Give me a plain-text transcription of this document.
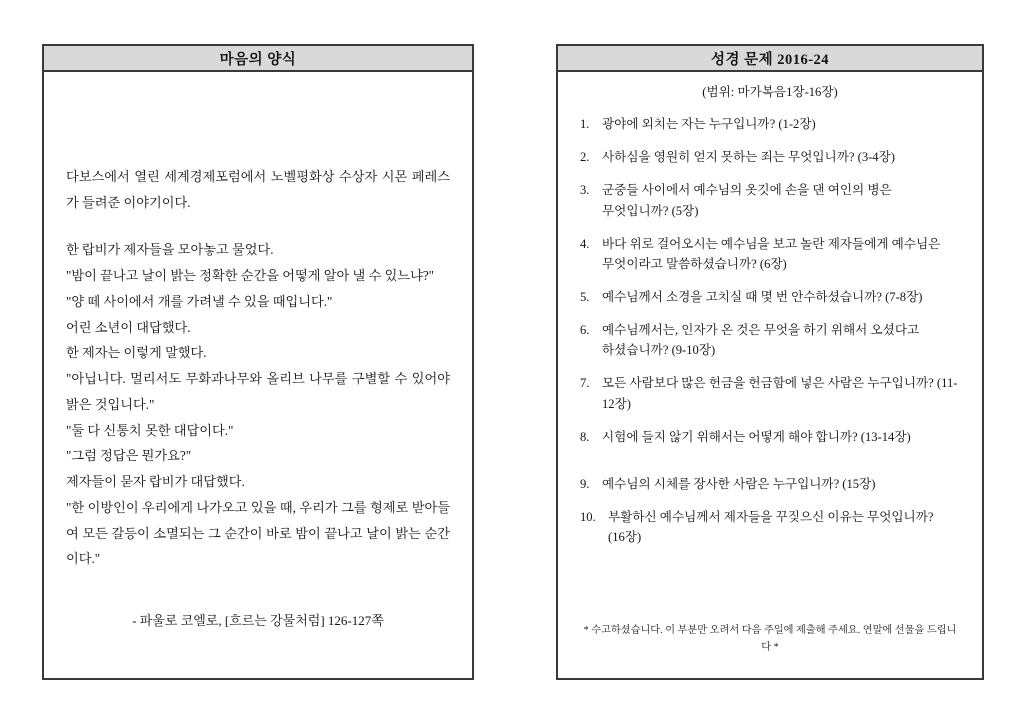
마음의 양식

다보스에서 열린 세계경제포럼에서 노벨평화상 수상자 시몬 페레스가 들려준 이야기이다.

한 랍비가 제자들을 모아놓고 물었다.

"밤이 끝나고 날이 밝는 정확한 순간을 어떻게 알아 낼 수 있느냐?"

"양 떼 사이에서 개를 가려낼 수 있을 때입니다."

어린 소년이 대답했다.

한 제자는 이렇게 말했다.

"아닙니다. 멀리서도 무화과나무와 올리브 나무를 구별할 수 있어야 밝은 것입니다."

"둘 다 신통치 못한 대답이다."

"그럼 정답은 뭔가요?"

제자들이 묻자 랍비가 대답했다.

"한 이방인이 우리에게 나가오고 있을 때, 우리가 그를 형제로 받아들여 모든 갈등이 소멸되는 그 순간이 바로 밤이 끝나고 날이 밝는 순간이다."

- 파울로 코엘로, [흐르는 강물처럼] 126-127쪽

성경 문제 2016-24
(범위: 마가복음1장-16장)
1. 광야에 외치는 자는 누구입니까? (1-2장)
2. 사하심을 영원히 얻지 못하는 죄는 무엇입니까? (3-4장)
3. 군중들 사이에서 예수님의 옷깃에 손을 댄 여인의 병은 무엇입니까? (5장)
4. 바다 위로 걸어오시는 예수님을 보고 놀란 제자들에게 예수님은 무엇이라고 말씀하셨습니까? (6장)
5. 예수님께서 소경을 고치실 때 몇 번 안수하셨습니까? (7-8장)
6. 예수님께서는, 인자가 온 것은 무엇을 하기 위해서 오셨다고 하셨습니까? (9-10장)
7. 모든 사람보다 많은 헌금을 헌금함에 넣은 사람은 누구입니까? (11-12장)
8. 시험에 들지 않기 위해서는 어떻게 해야 합니까? (13-14장)
9. 예수님의 시체를 장사한 사람은 누구입니까? (15장)
10. 부활하신 예수님께서 제자들을 꾸짖으신 이유는 무엇입니까? (16장)
* 수고하셨습니다. 이 부분만 오려서 다음 주일에 제출해 주세요. 연말에 선물을 드립니다 *
